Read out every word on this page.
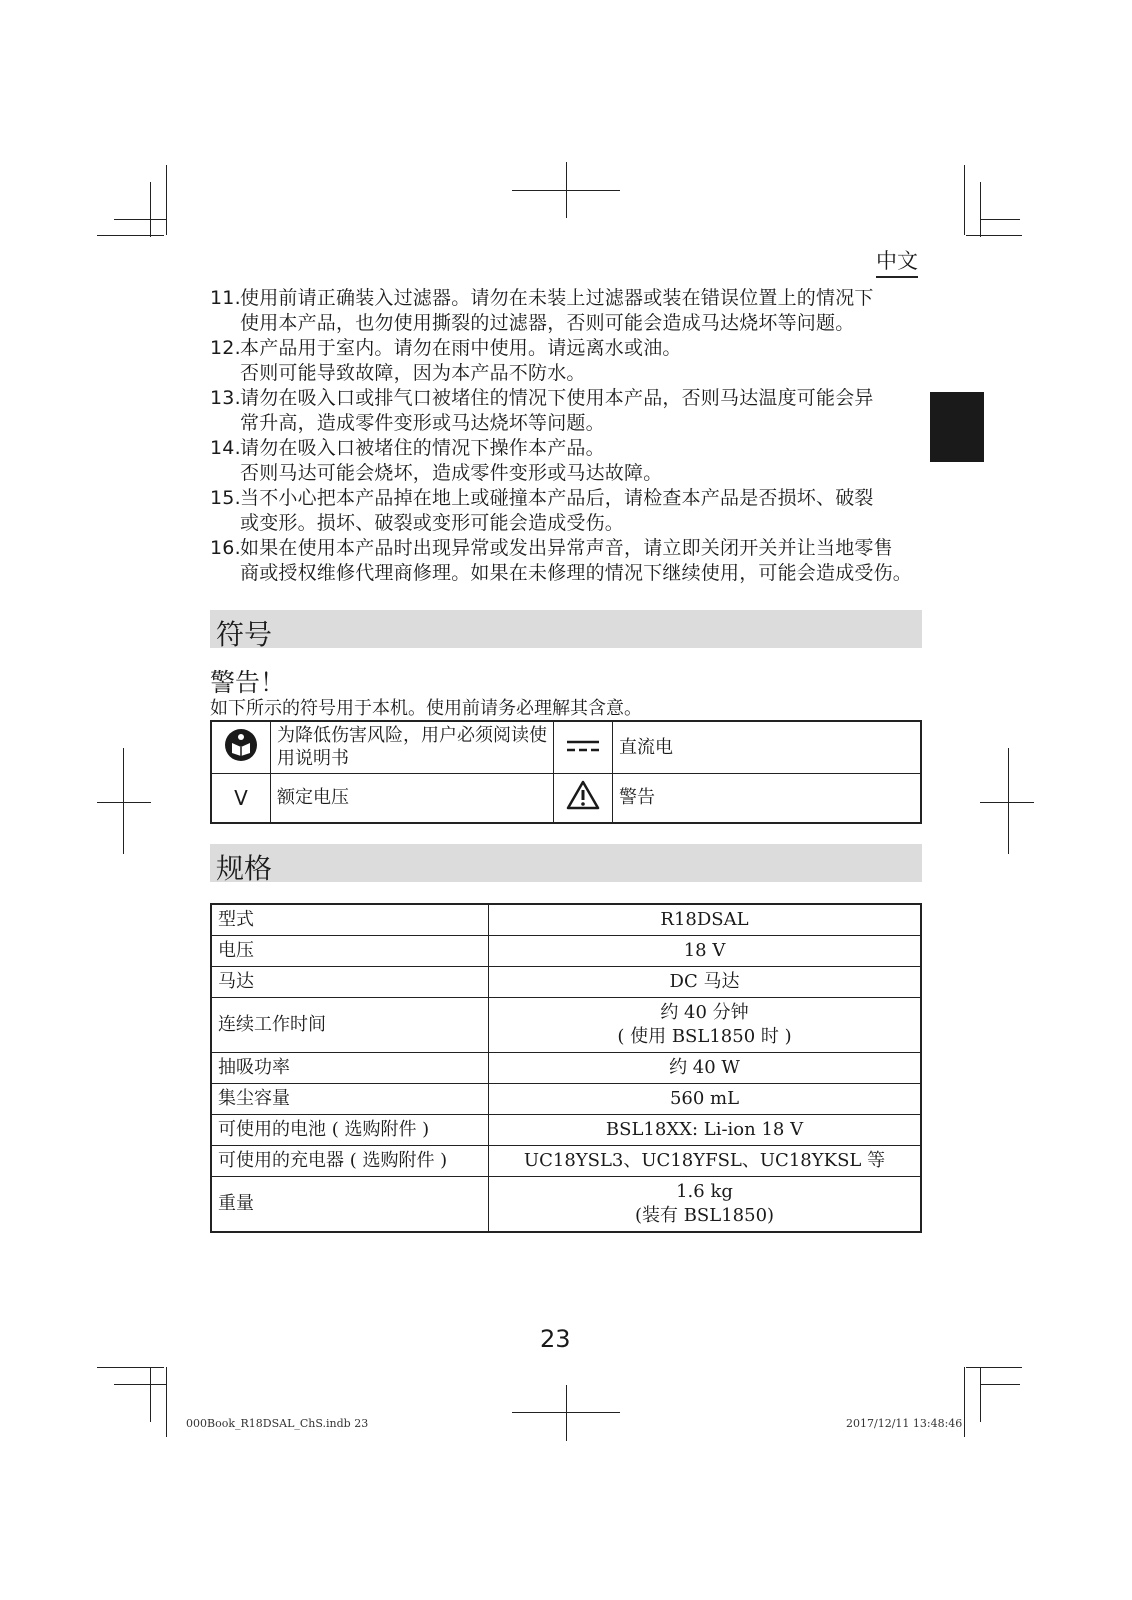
中文
11.使用前请正确装入过滤器。请勿在未装上过滤器或装在错误位置上的情况下
使用本产品，也勿使用撕裂的过滤器，否则可能会造成马达烧坏等问题。
12.本产品用于室内。请勿在雨中使用。请远离水或油。
否则可能导致故障，因为本产品不防水。
13.请勿在吸入口或排气口被堵住的情况下使用本产品，否则马达温度可能会异
常升高，造成零件变形或马达烧坏等问题。
14.请勿在吸入口被堵住的情况下操作本产品。
否则马达可能会烧坏，造成零件变形或马达故障。
15.当不小心把本产品掉在地上或碰撞本产品后，请检查本产品是否损坏、破裂
或变形。损坏、破裂或变形可能会造成受伤。
16.如果在使用本产品时出现异常或发出异常声音，请立即关闭开关并让当地零售
商或授权维修代理商修理。如果在未修理的情况下继续使用，可能会造成受伤。
符号
警告！
如下所示的符号用于本机。使用前请务必理解其含意。
	为降低伤害风险，用户必须阅读使用说明书		直流电
V	额定电压		警告
规格
型式	R18DSAL
电压	18 V
马达	DC 马达
连续工作时间	约 40 分钟
( 使用 BSL1850 时 )

抽吸功率	约 40 W
集尘容量	560 mL
可使用的电池 ( 选购附件 )	BSL18XX: Li-ion 18 V
可使用的充电器 ( 选购附件 )	UC18YSL3、UC18YFSL、UC18YKSL 等
重量	1.6 kg
(装有 BSL1850)
23
000Book_R18DSAL_ChS.indb 23	2017/12/11 13:48:46
